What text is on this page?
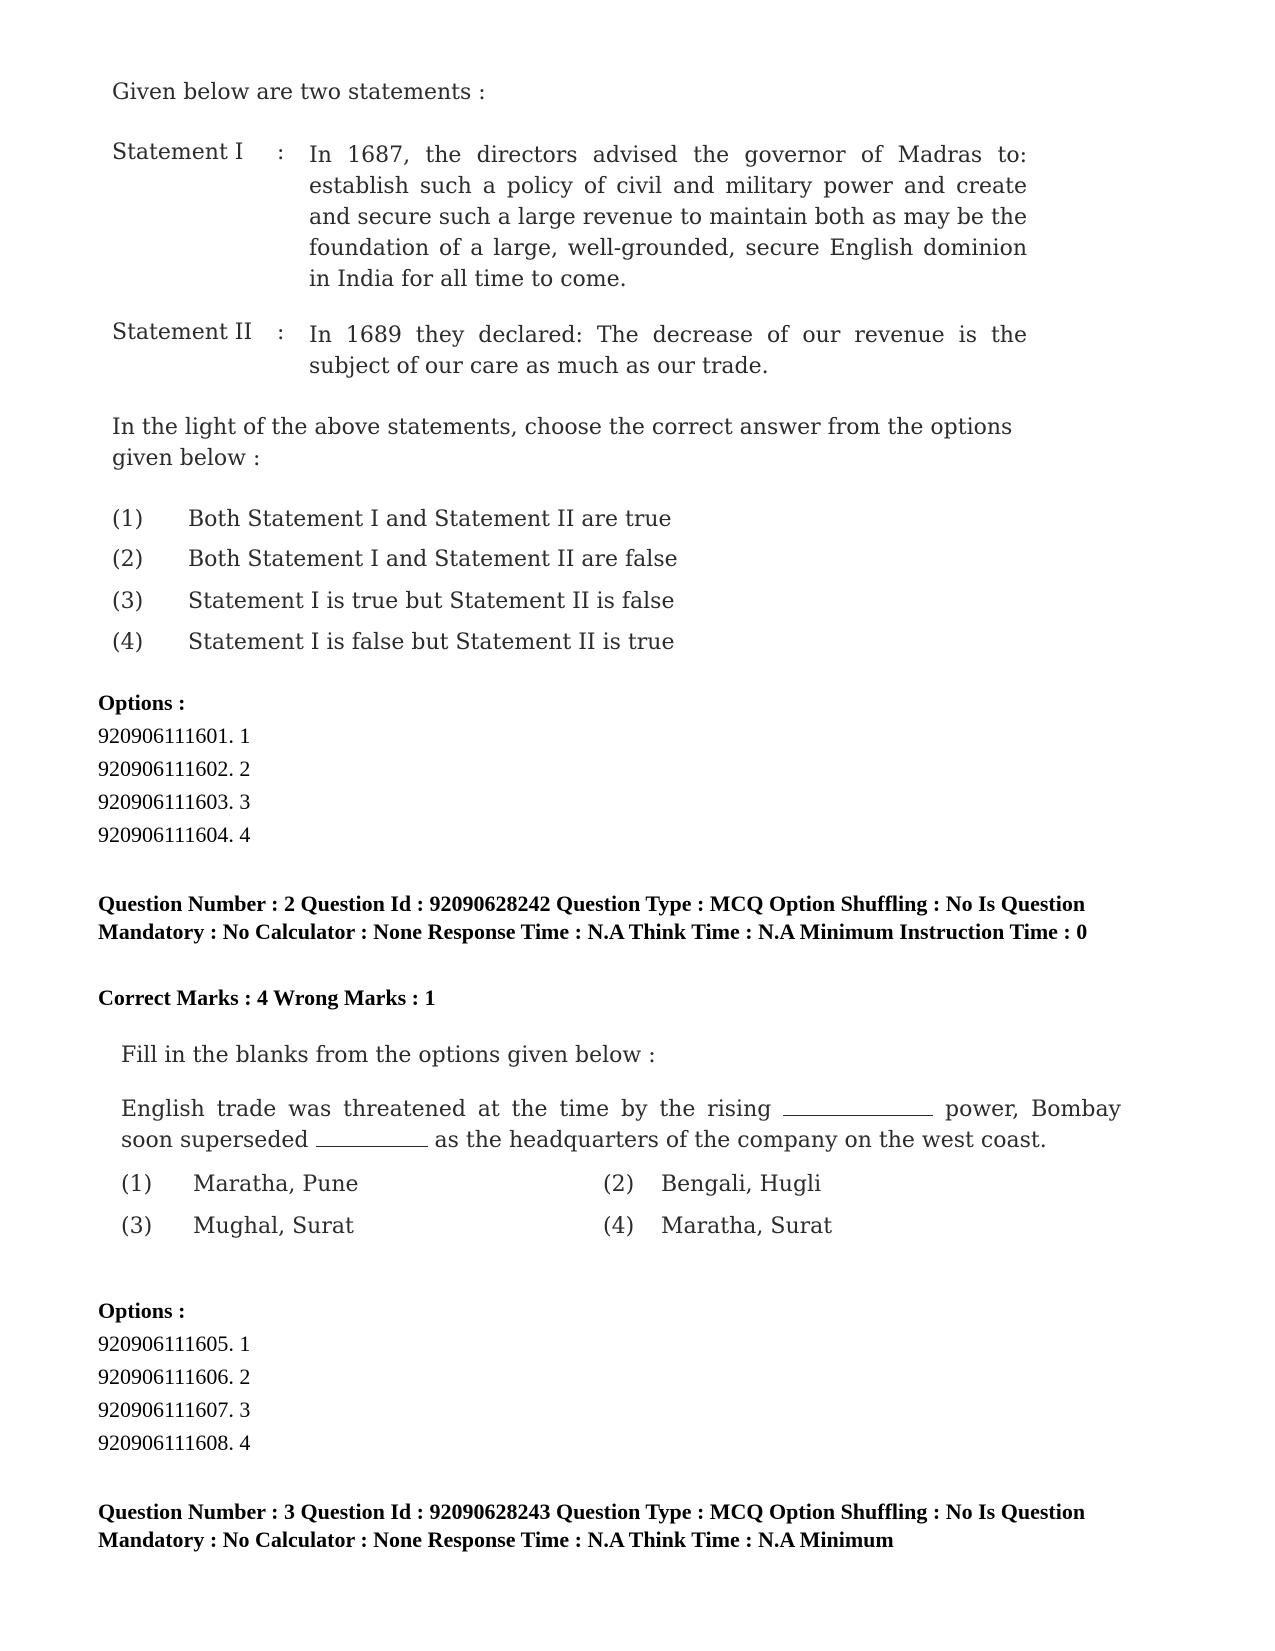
Given below are two statements :
Statement I : In 1687, the directors advised the governor of Madras to: establish such a policy of civil and military power and create and secure such a large revenue to maintain both as may be the foundation of a large, well-grounded, secure English dominion in India for all time to come.
Statement II : In 1689 they declared: The decrease of our revenue is the subject of our care as much as our trade.
In the light of the above statements, choose the correct answer from the options given below :
(1) Both Statement I and Statement II are true
(2) Both Statement I and Statement II are false
(3) Statement I is true but Statement II is false
(4) Statement I is false but Statement II is true
Options :
920906111601. 1
920906111602. 2
920906111603. 3
920906111604. 4
Question Number : 2 Question Id : 92090628242 Question Type : MCQ Option Shuffling : No Is Question Mandatory : No Calculator : None Response Time : N.A Think Time : N.A Minimum Instruction Time : 0
Correct Marks : 4 Wrong Marks : 1
Fill in the blanks from the options given below :
English trade was threatened at the time by the rising	power, Bombay soon superseded	as the headquarters of the company on the west coast.
(1) Maratha, Pune	(2) Bengali, Hugli
(3) Mughal, Surat	(4) Maratha, Surat
Options :
920906111605. 1
920906111606. 2
920906111607. 3
920906111608. 4
Question Number : 3 Question Id : 92090628243 Question Type : MCQ Option Shuffling : No Is Question Mandatory : No Calculator : None Response Time : N.A Think Time : N.A Minimum
